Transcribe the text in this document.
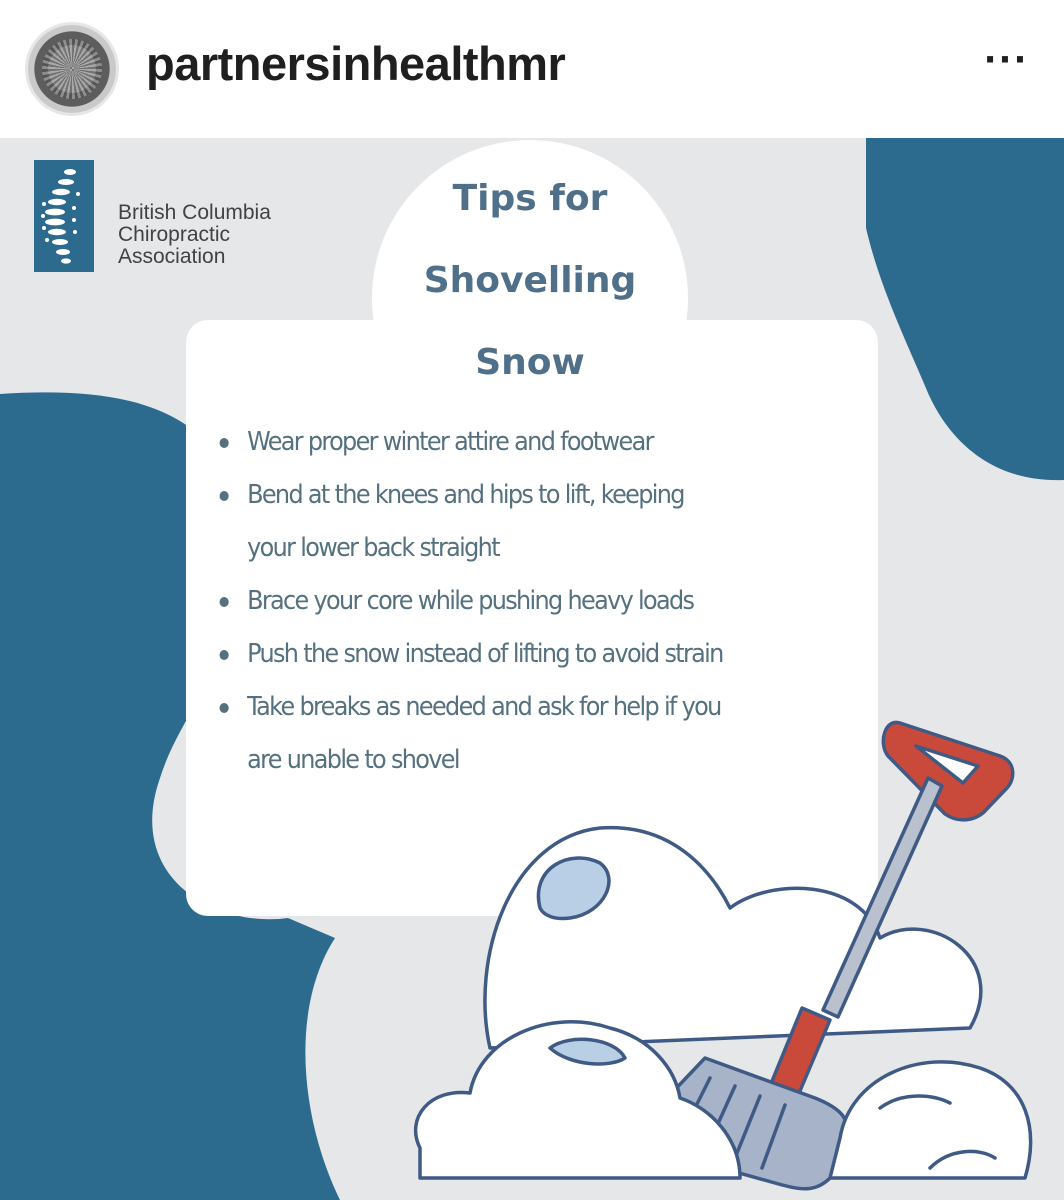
partnersinhealthmr	···
British Columbia
Chiropractic
Association
Tips for
Shovelling
Snow
Wear proper winter attire and footwear
Bend at the knees and hips to lift, keeping
your lower back straight
Brace your core while pushing heavy loads
Push the snow instead of lifting to avoid strain
Take breaks as needed and ask for help if you
are unable to shovel
